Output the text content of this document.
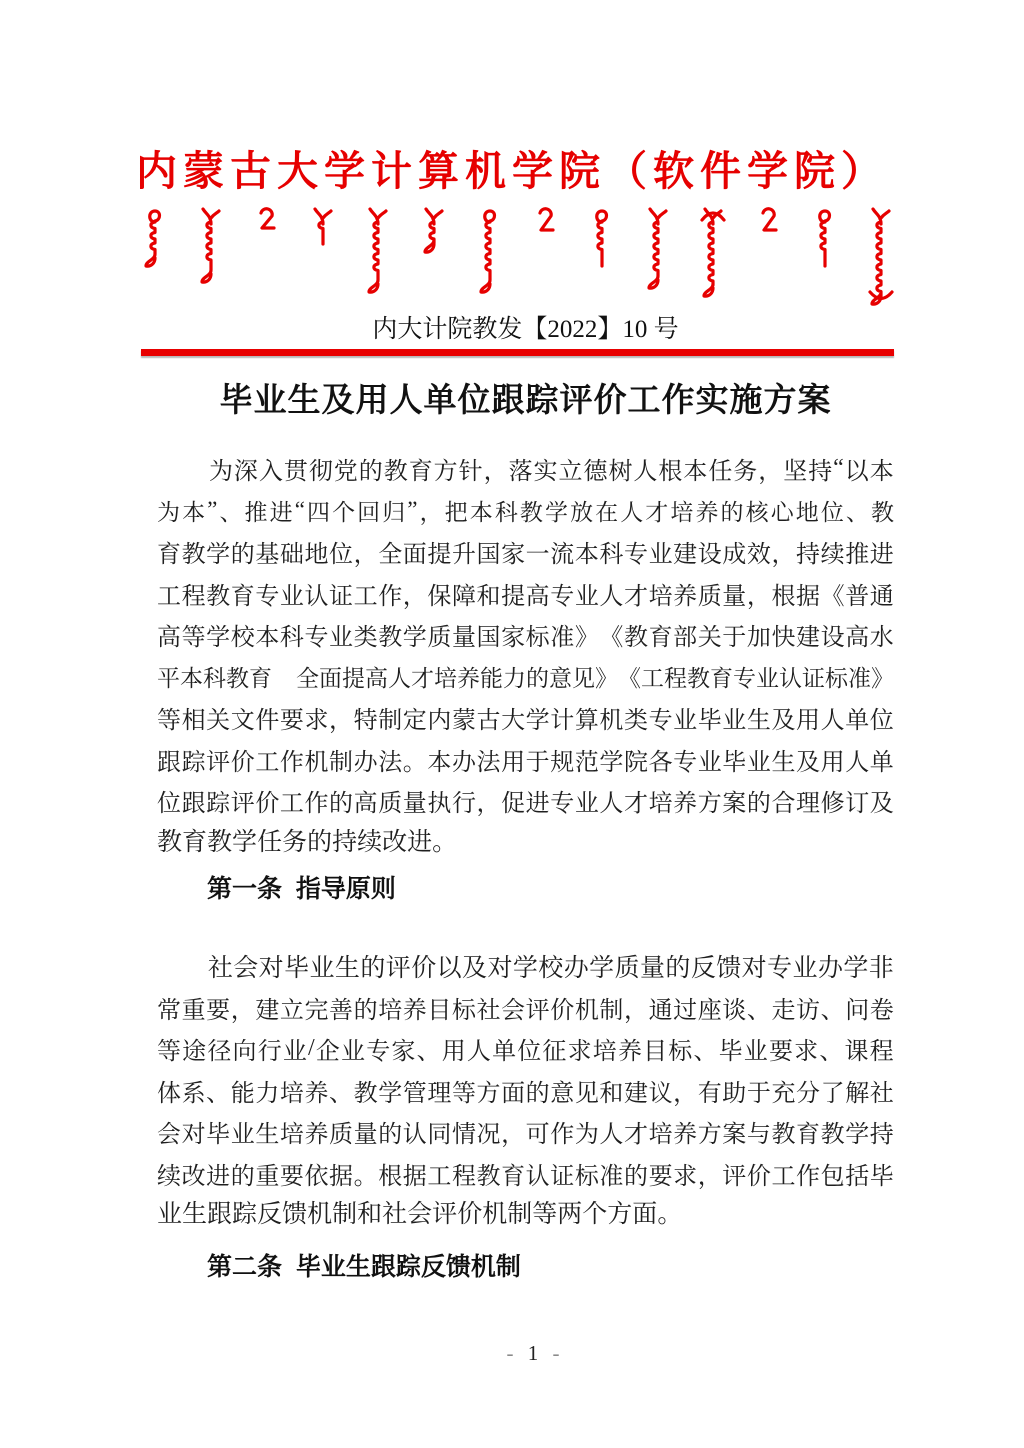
内蒙古大学计算机学院（软件学院）
内大计院教发【2022】10 号
毕业生及用人单位跟踪评价工作实施方案
为 深 入 贯 彻 党 的 教 育 方 针 ， 落 实 立 德 树 人 根 本 任 务 ， 坚 持 “ 以 本
为 本 ” 、 推 进 “ 四 个 回 归 ” ， 把 本 科 教 学 放 在 人 才 培 养 的 核 心 地 位 、 教
育 教 学 的 基 础 地 位 ， 全 面 提 升 国 家 一 流 本 科 专 业 建 设 成 效 ， 持 续 推 进
工 程 教 育 专 业 认 证 工 作 ， 保 障 和 提 高 专 业 人 才 培 养 质 量 ， 根 据 《 普 通
高 等 学 校 本 科 专 业 类 教 学 质 量 国 家 标 准 》 《 教 育 部 关 于 加 快 建 设 高 水
平 本 科 教 育 全 面 提 高 人 才 培 养 能 力 的 意 见 》 《 工 程 教 育 专 业 认 证 标 准 》
等 相 关 文 件 要 求 ， 特 制 定 内 蒙 古 大 学 计 算 机 类 专 业 毕 业 生 及 用 人 单 位
跟 踪 评 价 工 作 机 制 办 法 。 本 办 法 用 于 规 范 学 院 各 专 业 毕 业 生 及 用 人 单
位 跟 踪 评 价 工 作 的 高 质 量 执 行 ， 促 进 专 业 人 才 培 养 方 案 的 合 理 修 订 及
教育教学任务的持续改进。
第一条  指导原则
社 会 对 毕 业 生 的 评 价 以 及 对 学 校 办 学 质 量 的 反 馈 对 专 业 办 学 非
常 重 要 ， 建 立 完 善 的 培 养 目 标 社 会 评 价 机 制 ， 通 过 座 谈 、 走 访 、 问 卷
等 途 径 向 行 业 / 企 业 专 家 、 用 人 单 位 征 求 培 养 目 标 、 毕 业 要 求 、 课 程
体 系 、 能 力 培 养 、 教 学 管 理 等 方 面 的 意 见 和 建 议 ， 有 助 于 充 分 了 解 社
会 对 毕 业 生 培 养 质 量 的 认 同 情 况 ， 可 作 为 人 才 培 养 方 案 与 教 育 教 学 持
续 改 进 的 重 要 依 据 。 根 据 工 程 教 育 认 证 标 准 的 要 求 ， 评 价 工 作 包 括 毕
业生跟踪反馈机制和社会评价机制等两个方面。
第二条  毕业生跟踪反馈机制
- 1 -
